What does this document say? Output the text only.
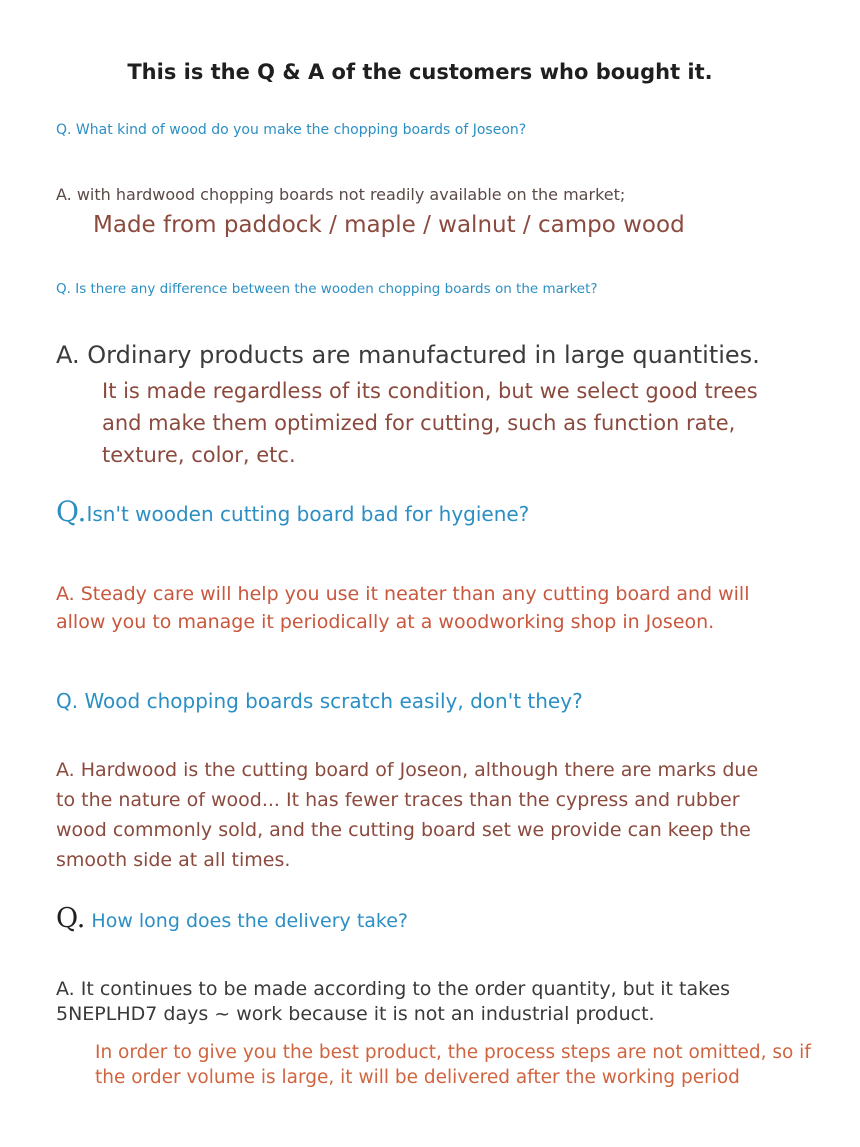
This is the Q & A of the customers who bought it.

Q. What kind of wood do you make the chopping boards of Joseon?

A. with hardwood chopping boards not readily available on the market;

Made from paddock / maple / walnut / campo wood

Q. Is there any difference between the wooden chopping boards on the market?

A. Ordinary products are manufactured in large quantities.

It is made regardless of its condition, but we select good trees and make them optimized for cutting, such as function rate, texture, color, etc.

Q.Isn't wooden cutting board bad for hygiene?

A. Steady care will help you use it neater than any cutting board and will allow you to manage it periodically at a woodworking shop in Joseon.

Q. Wood chopping boards scratch easily, don't they?

A. Hardwood is the cutting board of Joseon, although there are marks due to the nature of wood... It has fewer traces than the cypress and rubber wood commonly sold, and the cutting board set we provide can keep the smooth side at all times.

Q. How long does the delivery take?

A. It continues to be made according to the order quantity, but it takes 5NEPLHD7 days ~ work because it is not an industrial product.

In order to give you the best product, the process steps are not omitted, so if the order volume is large, it will be delivered after the working period
